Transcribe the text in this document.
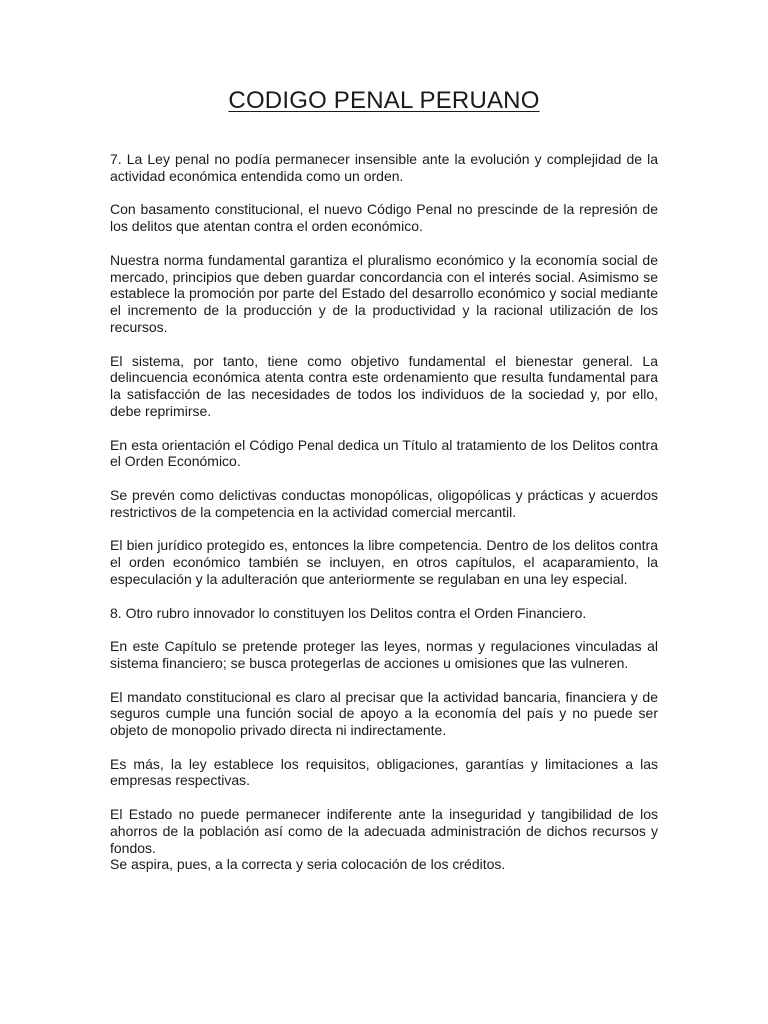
CODIGO PENAL PERUANO

7. La Ley penal no podía permanecer insensible ante la evolución y complejidad de la actividad económica entendida como un orden.

Con basamento constitucional, el nuevo Código Penal no prescinde de la represión de los delitos que atentan contra el orden económico.

Nuestra norma fundamental garantiza el pluralismo económico y la economía social de mercado, principios que deben guardar concordancia con el interés social. Asimismo se establece la promoción por parte del Estado del desarrollo económico y social mediante el incremento de la producción y de la productividad y la racional utilización de los recursos.

El sistema, por tanto, tiene como objetivo fundamental el bienestar general. La delincuencia económica atenta contra este ordenamiento que resulta fundamental para la satisfacción de las necesidades de todos los individuos de la sociedad y, por ello, debe reprimirse.

En esta orientación el Código Penal dedica un Título al tratamiento de los Delitos contra el Orden Económico.

Se prevén como delictivas conductas monopólicas, oligopólicas y prácticas y acuerdos restrictivos de la competencia en la actividad comercial mercantil.

El bien jurídico protegido es, entonces la libre competencia. Dentro de los delitos contra el orden económico también se incluyen, en otros capítulos, el acaparamiento, la especulación y la adulteración que anteriormente se regulaban en una ley especial.

8. Otro rubro innovador lo constituyen los Delitos contra el Orden Financiero.

En este Capítulo se pretende proteger las leyes, normas y regulaciones vinculadas al sistema financiero; se busca protegerlas de acciones u omisiones que las vulneren.

El mandato constitucional es claro al precisar que la actividad bancaria, financiera y de seguros cumple una función social de apoyo a la economía del país y no puede ser objeto de monopolio privado directa ni indirectamente.

Es más, la ley establece los requisitos, obligaciones, garantías y limitaciones a las empresas respectivas.

El Estado no puede permanecer indiferente ante la inseguridad y tangibilidad de los ahorros de la población así como de la adecuada administración de dichos recursos y fondos.

Se aspira, pues, a la correcta y seria colocación de los créditos.
